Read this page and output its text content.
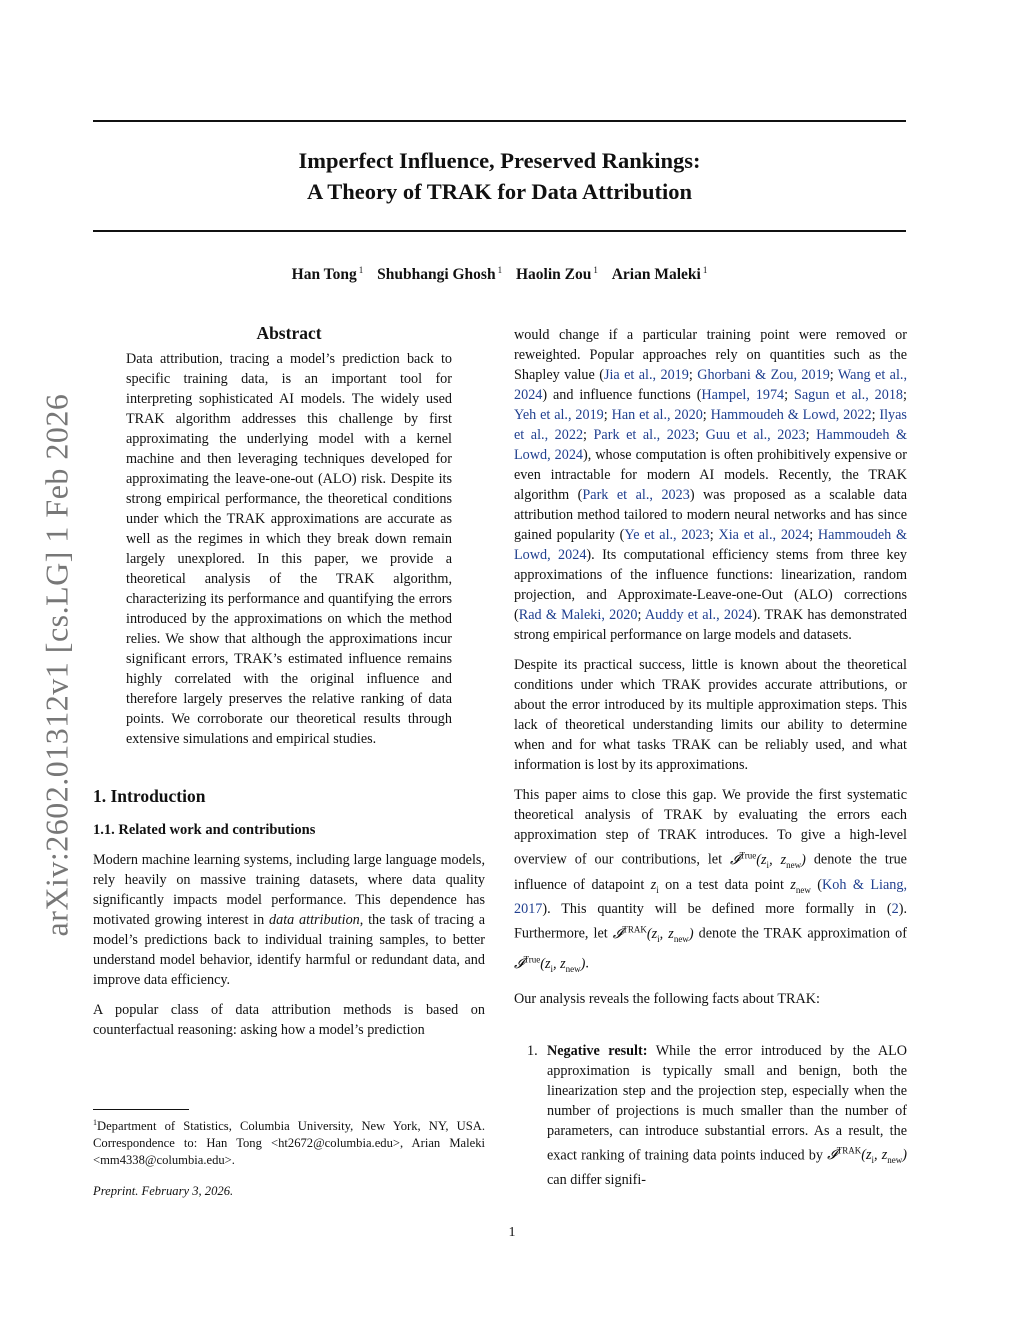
Imperfect Influence, Preserved Rankings:
A Theory of TRAK for Data Attribution
Han Tong $^1$ Shubhangi Ghosh $^1$ Haolin Zou $^1$ Arian Maleki $^1$
arXiv:2602.01312v1 [cs.LG] 1 Feb 2026
Abstract

Data attribution, tracing a model’s prediction back to specific training data, is an important tool for interpreting sophisticated AI models. The widely used TRAK algorithm addresses this challenge by first approximating the underlying model with a kernel machine and then leveraging techniques developed for approximating the leave-one-out (ALO) risk. Despite its strong empirical performance, the theoretical conditions under which the TRAK approximations are accurate as well as the regimes in which they break down remain largely unexplored. In this paper, we provide a theoretical analysis of the TRAK algorithm, characterizing its performance and quantifying the errors introduced by the approximations on which the method relies. We show that although the approximations incur significant errors, TRAK’s estimated influence remains highly correlated with the original influence and therefore largely preserves the relative ranking of data points. We corroborate our theoretical results through extensive simulations and empirical studies.

1. Introduction
1.1. Related work and contributions

Modern machine learning systems, including large language models, rely heavily on massive training datasets, where data quality significantly impacts model performance. This dependence has motivated growing interest in data attribution, the task of tracing a model’s predictions back to individual training samples, to better understand model behavior, identify harmful or redundant data, and improve data efficiency.

A popular class of data attribution methods is based on counterfactual reasoning: asking how a model’s prediction

$^1$Department of Statistics, Columbia University, New York, NY, USA. Correspondence to: Han Tong <ht2672@columbia.edu>, Arian Maleki <mm4338@columbia.edu>.
Preprint. February 3, 2026.

would change if a particular training point were removed or reweighted. Popular approaches rely on quantities such as the Shapley value (Jia et al., 2019; Ghorbani & Zou, 2019; Wang et al., 2024) and influence functions (Hampel, 1974; Sagun et al., 2018; Yeh et al., 2019; Han et al., 2020; Hammoudeh & Lowd, 2022; Ilyas et al., 2022; Park et al., 2023; Guu et al., 2023; Hammoudeh & Lowd, 2024), whose computation is often prohibitively expensive or even intractable for modern AI models. Recently, the TRAK algorithm (Park et al., 2023) was proposed as a scalable data attribution method tailored to modern neural networks and has since gained popularity (Ye et al., 2023; Xia et al., 2024; Hammoudeh & Lowd, 2024). Its computational efficiency stems from three key approximations of the influence functions: linearization, random projection, and Approximate-Leave-one-Out (ALO) corrections (Rad & Maleki, 2020; Auddy et al., 2024). TRAK has demonstrated strong empirical performance on large models and datasets.

Despite its practical success, little is known about the theoretical conditions under which TRAK provides accurate attributions, or about the error introduced by its multiple approximation steps. This lack of theoretical understanding limits our ability to determine when and for what tasks TRAK can be reliably used, and what information is lost by its approximations.

This paper aims to close this gap. We provide the first systematic theoretical analysis of TRAK by evaluating the errors each approximation step of TRAK introduces. To give a high-level overview of our contributions, let $𝓘^{True}(z_i$, $z_{new}$) denote the true influence of datapoint $z_i$ on a test data point $z_{new}$ (Koh & Liang, 2017). This quantity will be defined more formally in (2). Furthermore, let $𝓘^{TRAK}(z_i$, $z_{new}$) denote the TRAK approximation of $𝓘^{True}(z_i$, $z_{new}$).

Our analysis reveals the following facts about TRAK:

1. Negative result: While the error introduced by the ALO approximation is typically small and benign, both the linearization step and the projection step, especially when the number of projections is much smaller than the number of parameters, can introduce substantial errors. As a result, the exact ranking of training data points induced by $𝓘^{TRAK}(z_i$, $z_{new}$) can differ signifi-
1
